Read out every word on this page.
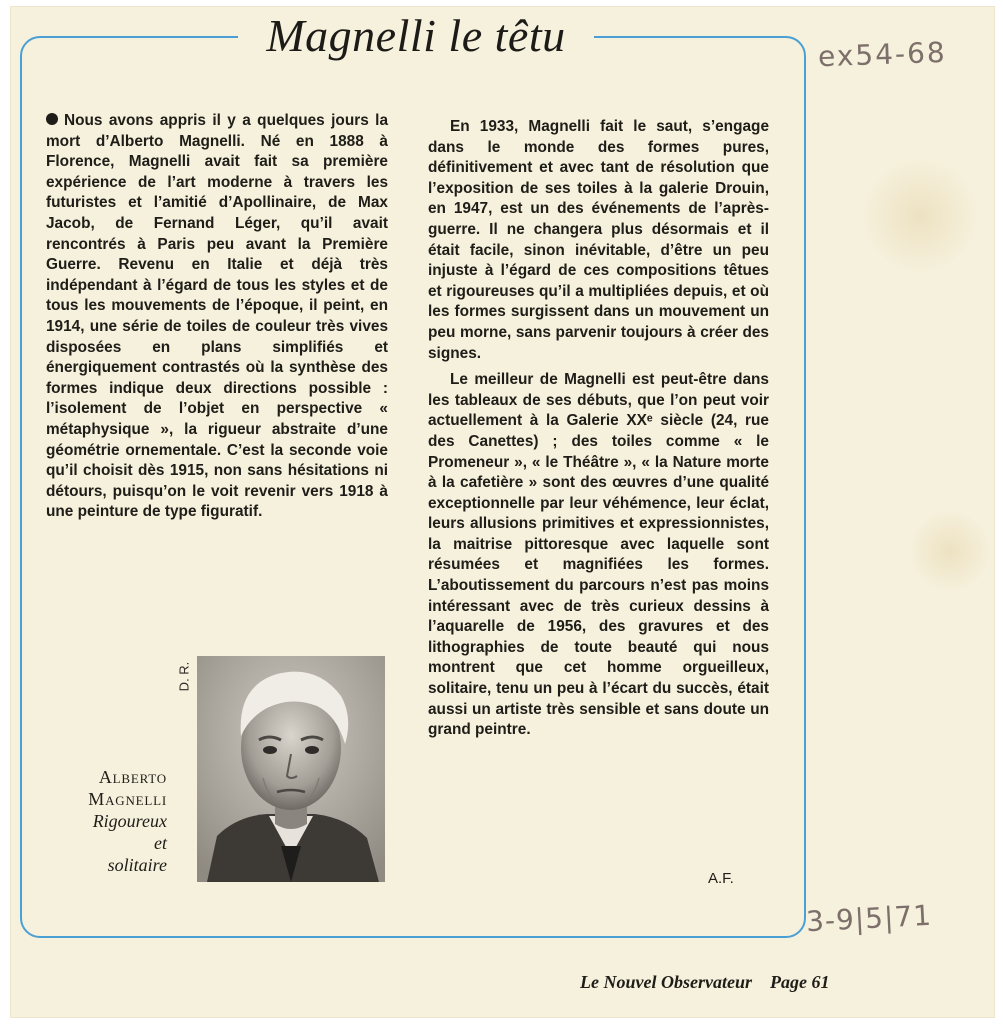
Magnelli le têtu	ex54-68
3-9|5|71
Nous avons appris il y a quelques jours la mort d’Alberto Magnelli. Né en 1888 à Florence, Magnelli avait fait sa première expérience de l’art moderne à travers les futuristes et l’amitié d’Apollinaire, de Max Jacob, de Fernand Léger, qu’il avait rencontrés à Paris peu avant la Première Guerre. Revenu en Italie et déjà très indépendant à l’égard de tous les styles et de tous les mouvements de l’époque, il peint, en 1914, une série de toiles de couleur très vives disposées en plans simplifiés et énergiquement contrastés où la synthèse des formes indique deux directions possible : l’isolement de l’objet en perspective « métaphysique », la rigueur abstraite d’une géométrie ornementale. C’est la seconde voie qu’il choisit dès 1915, non sans hésitations ni détours, puisqu’on le voit revenir vers 1918 à une peinture de type figuratif.

En 1933, Magnelli fait le saut, s’engage dans le monde des formes pures, définitivement et avec tant de résolution que l’exposition de ses toiles à la galerie Drouin, en 1947, est un des événements de l’après-guerre. Il ne changera plus désormais et il était facile, sinon inévitable, d’être un peu injuste à l’égard de ces compositions têtues et rigoureuses qu’il a multipliées depuis, et où les formes surgissent dans un mouvement un peu morne, sans parvenir toujours à créer des signes.

Le meilleur de Magnelli est peut-être dans les tableaux de ses débuts, que l’on peut voir actuellement à la Galerie XXᵉ siècle (24, rue des Canettes) ; des toiles comme « le Promeneur », « le Théâtre », « la Nature morte à la cafetière » sont des œuvres d’une qualité exceptionnelle par leur véhémence, leur éclat, leurs allusions primitives et expressionnistes, la maitrise pittoresque avec laquelle sont résumées et magnifiées les formes. L’aboutissement du parcours n’est pas moins intéressant avec de très curieux dessins à l’aquarelle de 1956, des gravures et des lithographies de toute beauté qui nous montrent que cet homme orgueilleux, solitaire, tenu un peu à l’écart du succès, était aussi un artiste très sensible et sans doute un grand peintre.

D. R.
Alberto
Magnelli
Rigoureux
et
solitaire
A.F.
Le Nouvel Observateur Page 61
